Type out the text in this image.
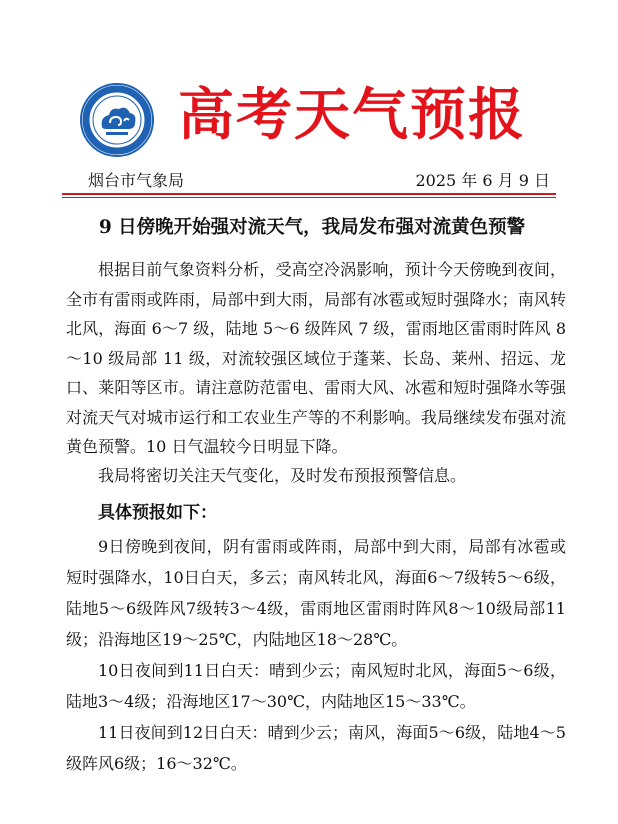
高考天气预报
烟台市气象局	2025 年 6 月 9 日
9 日傍晚开始强对流天气，我局发布强对流黄色预警

根据目前气象资料分析，受高空冷涡影响，预计今天傍晚到夜间，全市有雷雨或阵雨，局部中到大雨，局部有冰雹或短时强降水；南风转北风，海面 6～7 级，陆地 5～6 级阵风 7 级，雷雨地区雷雨时阵风 8～10 级局部 11 级，对流较强区域位于蓬莱、长岛、莱州、招远、龙口、莱阳等区市。请注意防范雷电、雷雨大风、冰雹和短时强降水等强对流天气对城市运行和工农业生产等的不利影响。我局继续发布强对流黄色预警。10 日气温较今日明显下降。

我局将密切关注天气变化，及时发布预报预警信息。

具体预报如下：

9日傍晚到夜间，阴有雷雨或阵雨，局部中到大雨，局部有冰雹或短时强降水，10日白天，多云；南风转北风，海面6～7级转5～6级，陆地5～6级阵风7级转3～4级，雷雨地区雷雨时阵风8～10级局部11级；沿海地区19～25℃，内陆地区18～28℃。

10日夜间到11日白天：晴到少云；南风短时北风，海面5～6级，陆地3～4级；沿海地区17～30℃，内陆地区15～33℃。

11日夜间到12日白天：晴到少云；南风，海面5～6级，陆地4～5级阵风6级；16～32℃。
